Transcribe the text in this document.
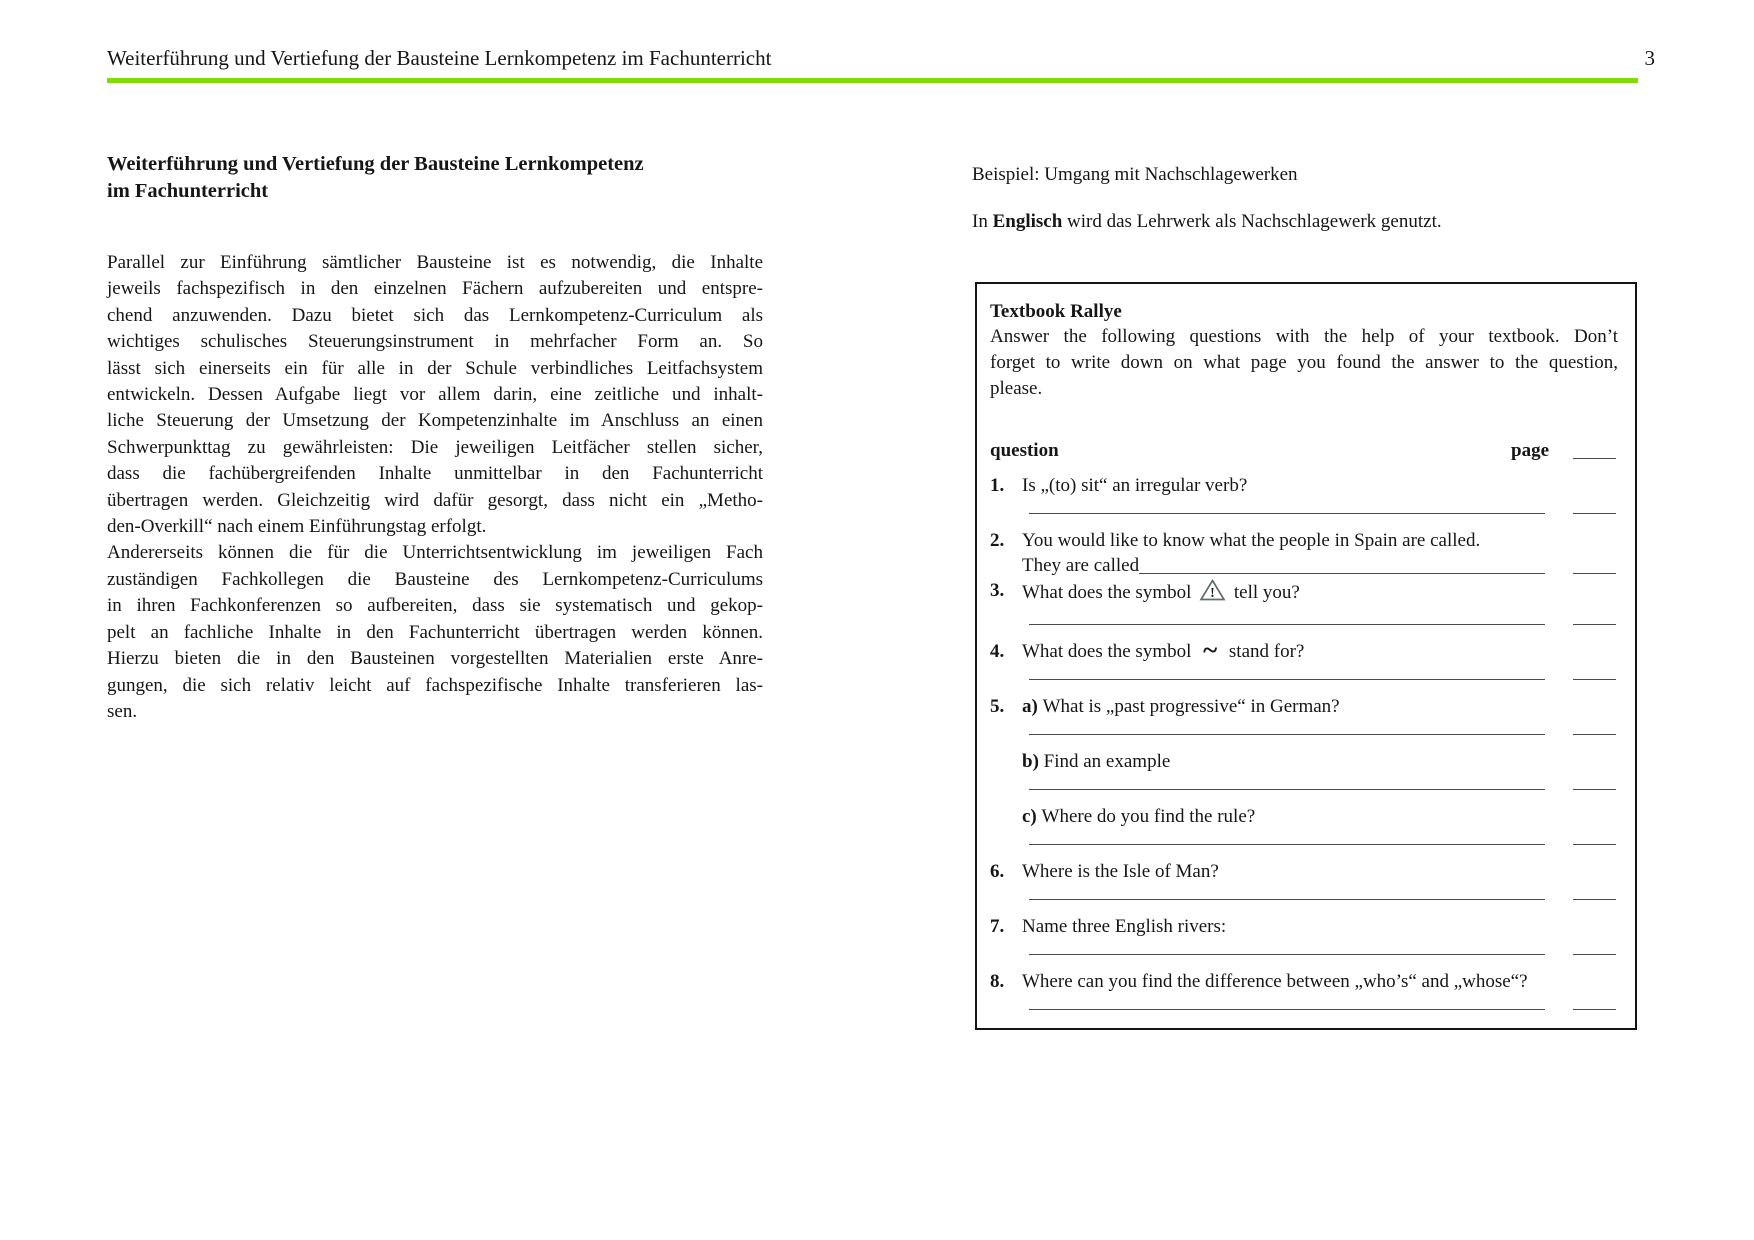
Weiterführung und Vertiefung der Bausteine Lernkompetenz im Fachunterricht	3
Weiterführung und Vertiefung der Bausteine Lernkompetenz
im Fachunterricht
Parallel zur Einführung sämtlicher Bausteine ist es notwendig, die Inhalte
jeweils fachspezifisch in den einzelnen Fächern aufzubereiten und entspre-
chend anzuwenden. Dazu bietet sich das Lernkompetenz-Curriculum als
wichtiges schulisches Steuerungsinstrument in mehrfacher Form an. So
lässt sich einerseits ein für alle in der Schule verbindliches Leitfachsystem
entwickeln. Dessen Aufgabe liegt vor allem darin, eine zeitliche und inhalt-
liche Steuerung der Umsetzung der Kompetenzinhalte im Anschluss an einen
Schwerpunkttag zu gewährleisten: Die jeweiligen Leitfächer stellen sicher,
dass die fachübergreifenden Inhalte unmittelbar in den Fachunterricht
übertragen werden. Gleichzeitig wird dafür gesorgt, dass nicht ein „Metho-
den-Overkill“ nach einem Einführungstag erfolgt.
Andererseits können die für die Unterrichtsentwicklung im jeweiligen Fach
zuständigen Fachkollegen die Bausteine des Lernkompetenz-Curriculums
in ihren Fachkonferenzen so aufbereiten, dass sie systematisch und gekop-
pelt an fachliche Inhalte in den Fachunterricht übertragen werden können.
Hierzu bieten die in den Bausteinen vorgestellten Materialien erste Anre-
gungen, die sich relativ leicht auf fachspezifische Inhalte transferieren las-
sen.
Beispiel: Umgang mit Nachschlagewerken
In Englisch wird das Lehrwerk als Nachschlagewerk genutzt.
Textbook Rallye
Answer the following questions with the help of your textbook. Don’t
forget to write down on what page you found the answer to the question,
please.
question	page
1. Is „(to) sit“ an irregular verb?
2. You would like to know what the people in Spain are called.
They are called
3. What does the symbol ! tell you?
4. What does the symbol ~ stand for?
5. a) What is „past progressive“ in German?
b) Find an example
c) Where do you find the rule?
6. Where is the Isle of Man?
7. Name three English rivers:
8. Where can you find the difference between „who’s“ and „whose“?
